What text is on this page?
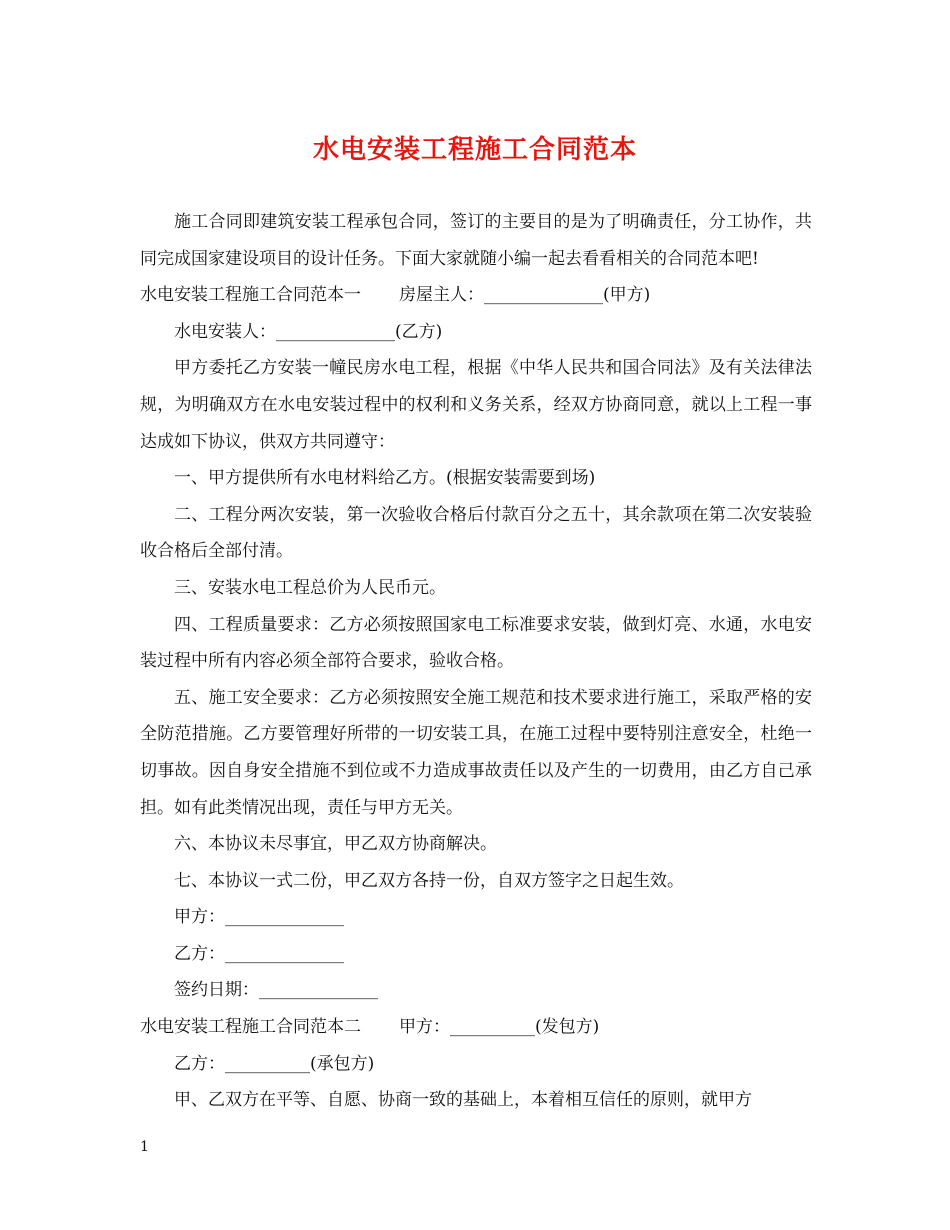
水电安装工程施工合同范本

施工合同即建筑安装工程承包合同，签订的主要目的是为了明确责任，分工协作，共同完成国家建设项目的设计任务。下面大家就随小编一起去看看相关的合同范本吧!

水电安装工程施工合同范本一 房屋主人：______________(甲方)

水电安装人：______________(乙方)

甲方委托乙方安装一幢民房水电工程，根据《中华人民共和国合同法》及有关法律法规，为明确双方在水电安装过程中的权利和义务关系，经双方协商同意，就以上工程一事达成如下协议，供双方共同遵守：

一、甲方提供所有水电材料给乙方。(根据安装需要到场)

二、工程分两次安装，第一次验收合格后付款百分之五十，其余款项在第二次安装验收合格后全部付清。

三、安装水电工程总价为人民币元。

四、工程质量要求：乙方必须按照国家电工标准要求安装，做到灯亮、水通，水电安装过程中所有内容必须全部符合要求，验收合格。

五、施工安全要求：乙方必须按照安全施工规范和技术要求进行施工，采取严格的安全防范措施。乙方要管理好所带的一切安装工具，在施工过程中要特别注意安全，杜绝一切事故。因自身安全措施不到位或不力造成事故责任以及产生的一切费用，由乙方自己承担。如有此类情况出现，责任与甲方无关。

六、本协议未尽事宜，甲乙双方协商解决。

七、本协议一式二份，甲乙双方各持一份，自双方签字之日起生效。

甲方：______________

乙方：______________

签约日期：______________

水电安装工程施工合同范本二 甲方：__________(发包方)

乙方：__________(承包方)

甲、乙双方在平等、自愿、协商一致的基础上，本着相互信任的原则，就甲方

1
